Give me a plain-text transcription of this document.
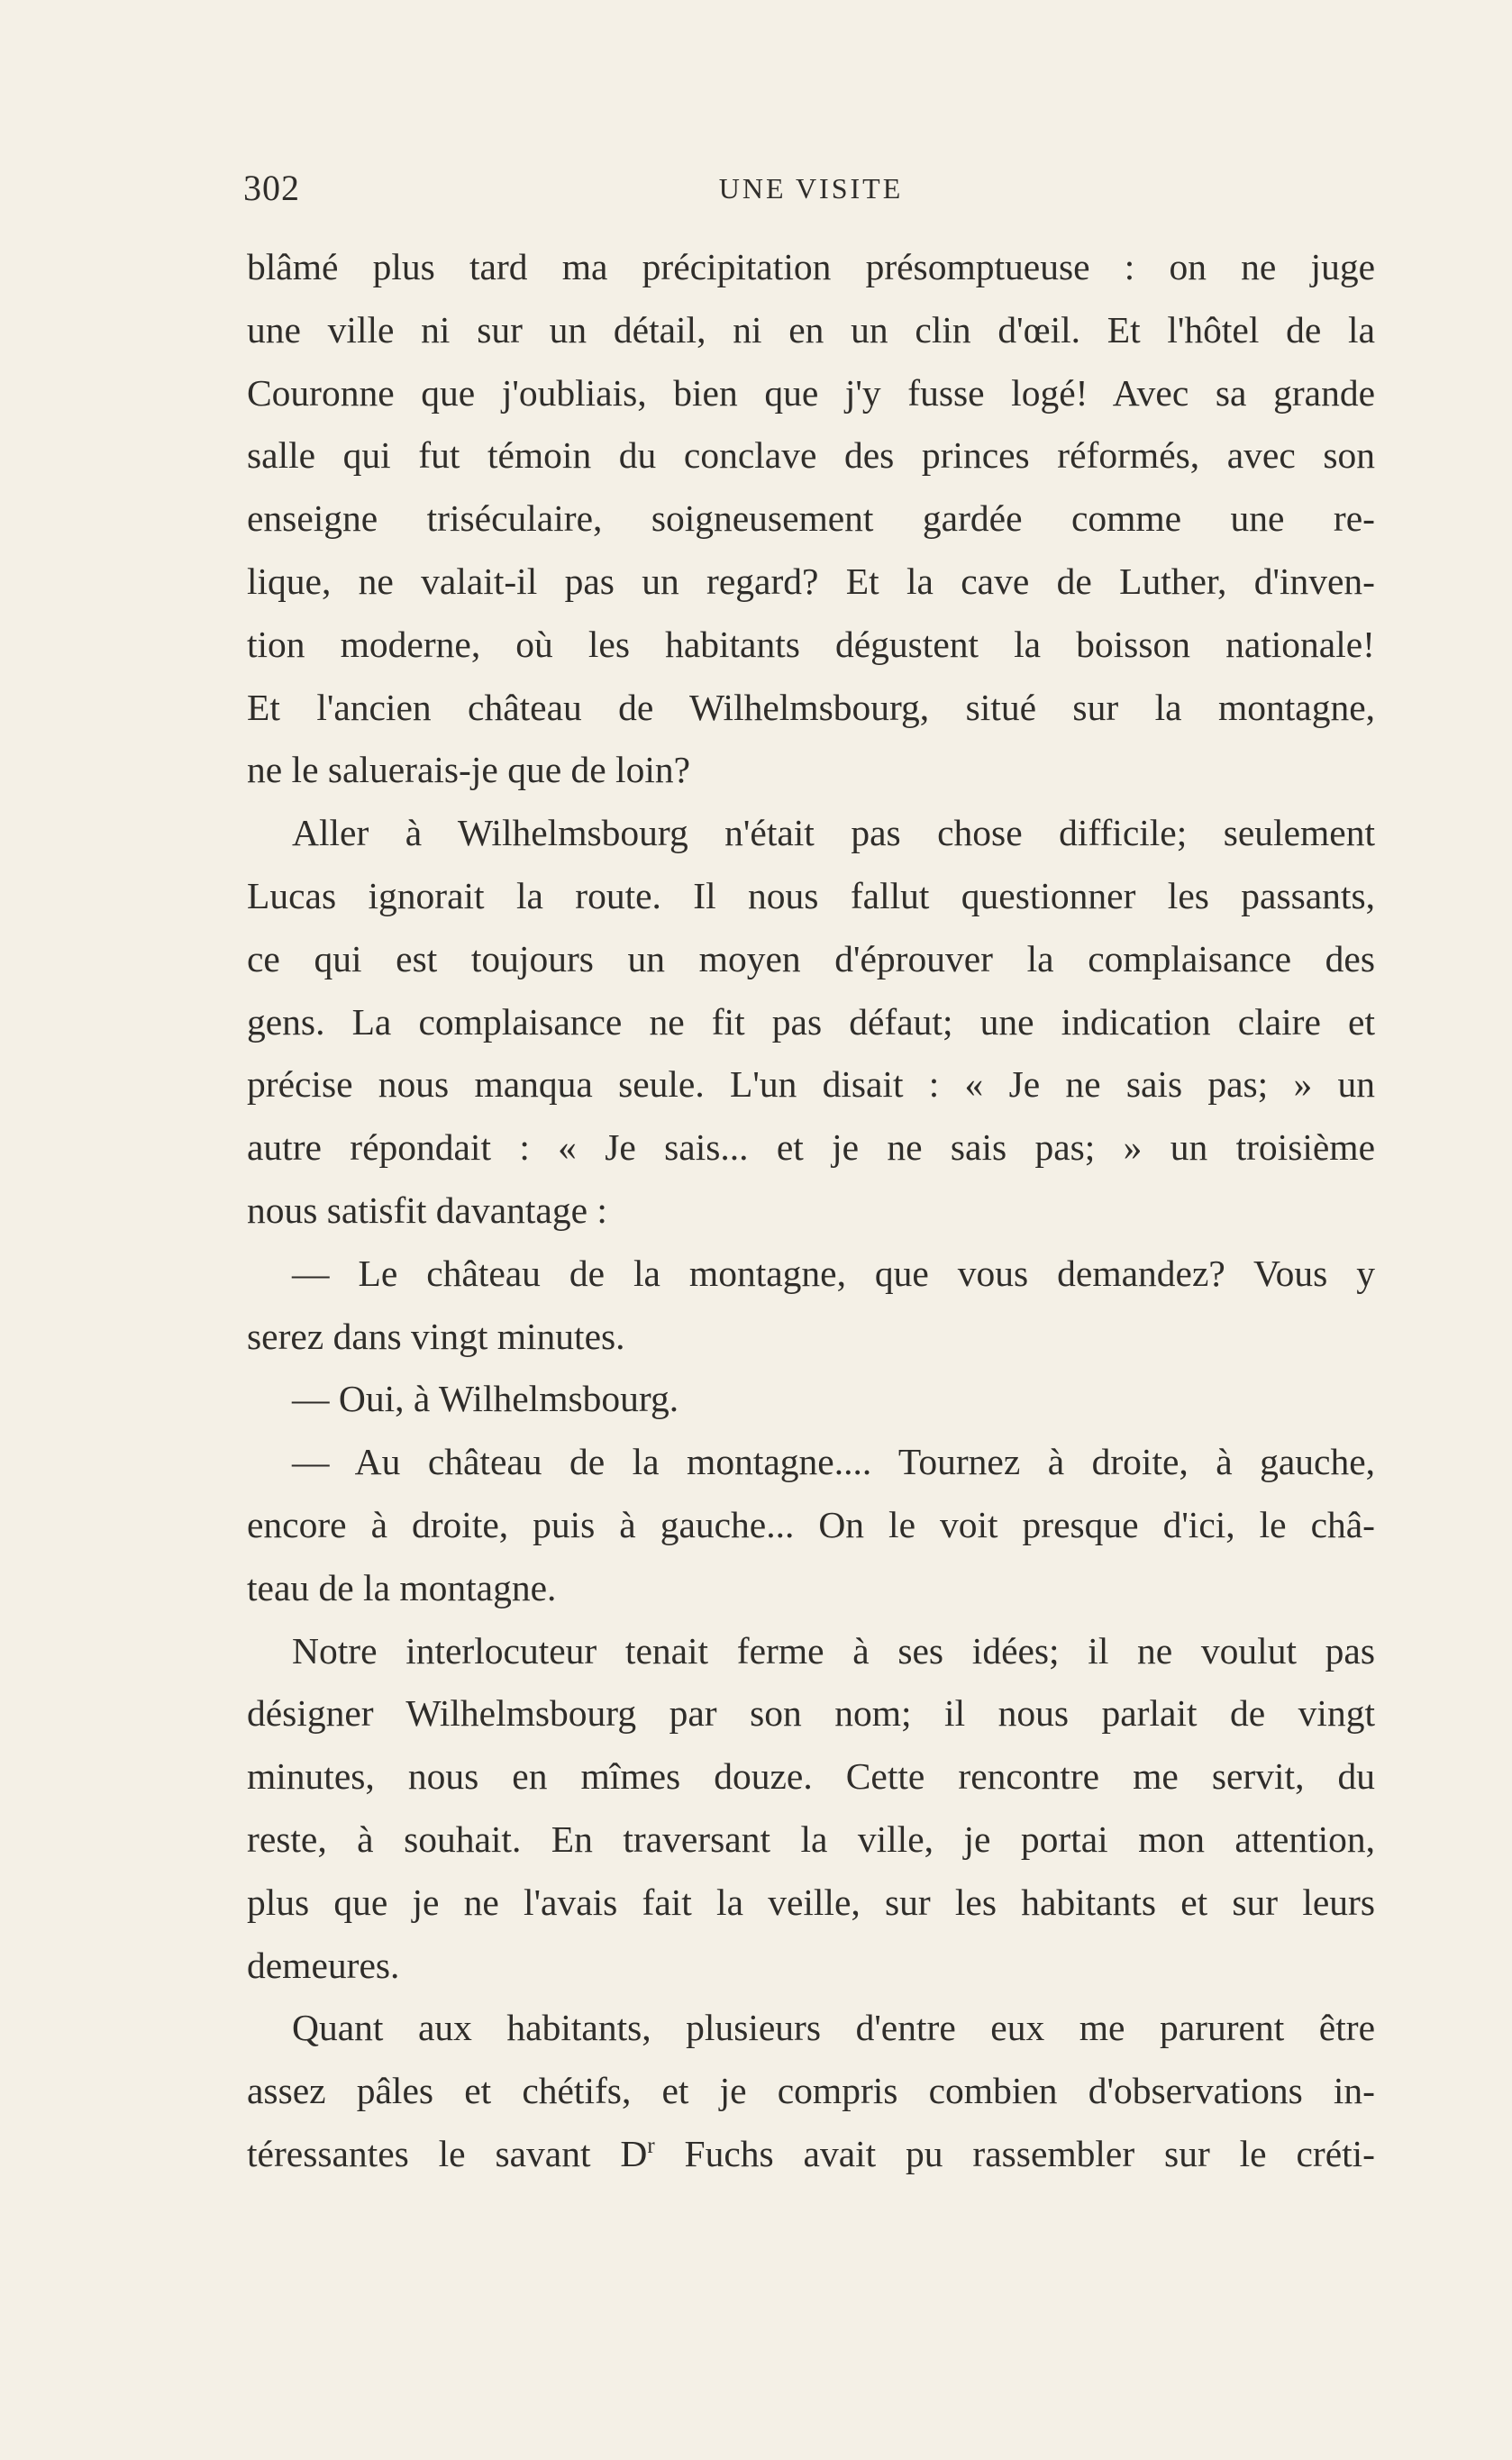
302	UNE VISITE
blâmé plus tard ma précipitation présomptueuse : on ne juge
une ville ni sur un détail, ni en un clin d'œil. Et l'hôtel de la
Couronne que j'oubliais, bien que j'y fusse logé! Avec sa grande
salle qui fut témoin du conclave des princes réformés, avec son
enseigne triséculaire, soigneusement gardée comme une re-
lique, ne valait-il pas un regard? Et la cave de Luther, d'inven-
tion moderne, où les habitants dégustent la boisson nationale!
Et l'ancien château de Wilhelmsbourg, situé sur la montagne,
ne le saluerais-je que de loin?
Aller à Wilhelmsbourg n'était pas chose difficile; seulement
Lucas ignorait la route. Il nous fallut questionner les passants,
ce qui est toujours un moyen d'éprouver la complaisance des
gens. La complaisance ne fit pas défaut; une indication claire et
précise nous manqua seule. L'un disait : « Je ne sais pas; » un
autre répondait : « Je sais... et je ne sais pas; » un troisième
nous satisfit davantage :
— Le château de la montagne, que vous demandez? Vous y
serez dans vingt minutes.
— Oui, à Wilhelmsbourg.
— Au château de la montagne.... Tournez à droite, à gauche,
encore à droite, puis à gauche... On le voit presque d'ici, le châ-
teau de la montagne.
Notre interlocuteur tenait ferme à ses idées; il ne voulut pas
désigner Wilhelmsbourg par son nom; il nous parlait de vingt
minutes, nous en mîmes douze. Cette rencontre me servit, du
reste, à souhait. En traversant la ville, je portai mon attention,
plus que je ne l'avais fait la veille, sur les habitants et sur leurs
demeures.
Quant aux habitants, plusieurs d'entre eux me parurent être
assez pâles et chétifs, et je compris combien d'observations in-
téressantes le savant $D^r$ Fuchs avait pu rassembler sur le créti-
